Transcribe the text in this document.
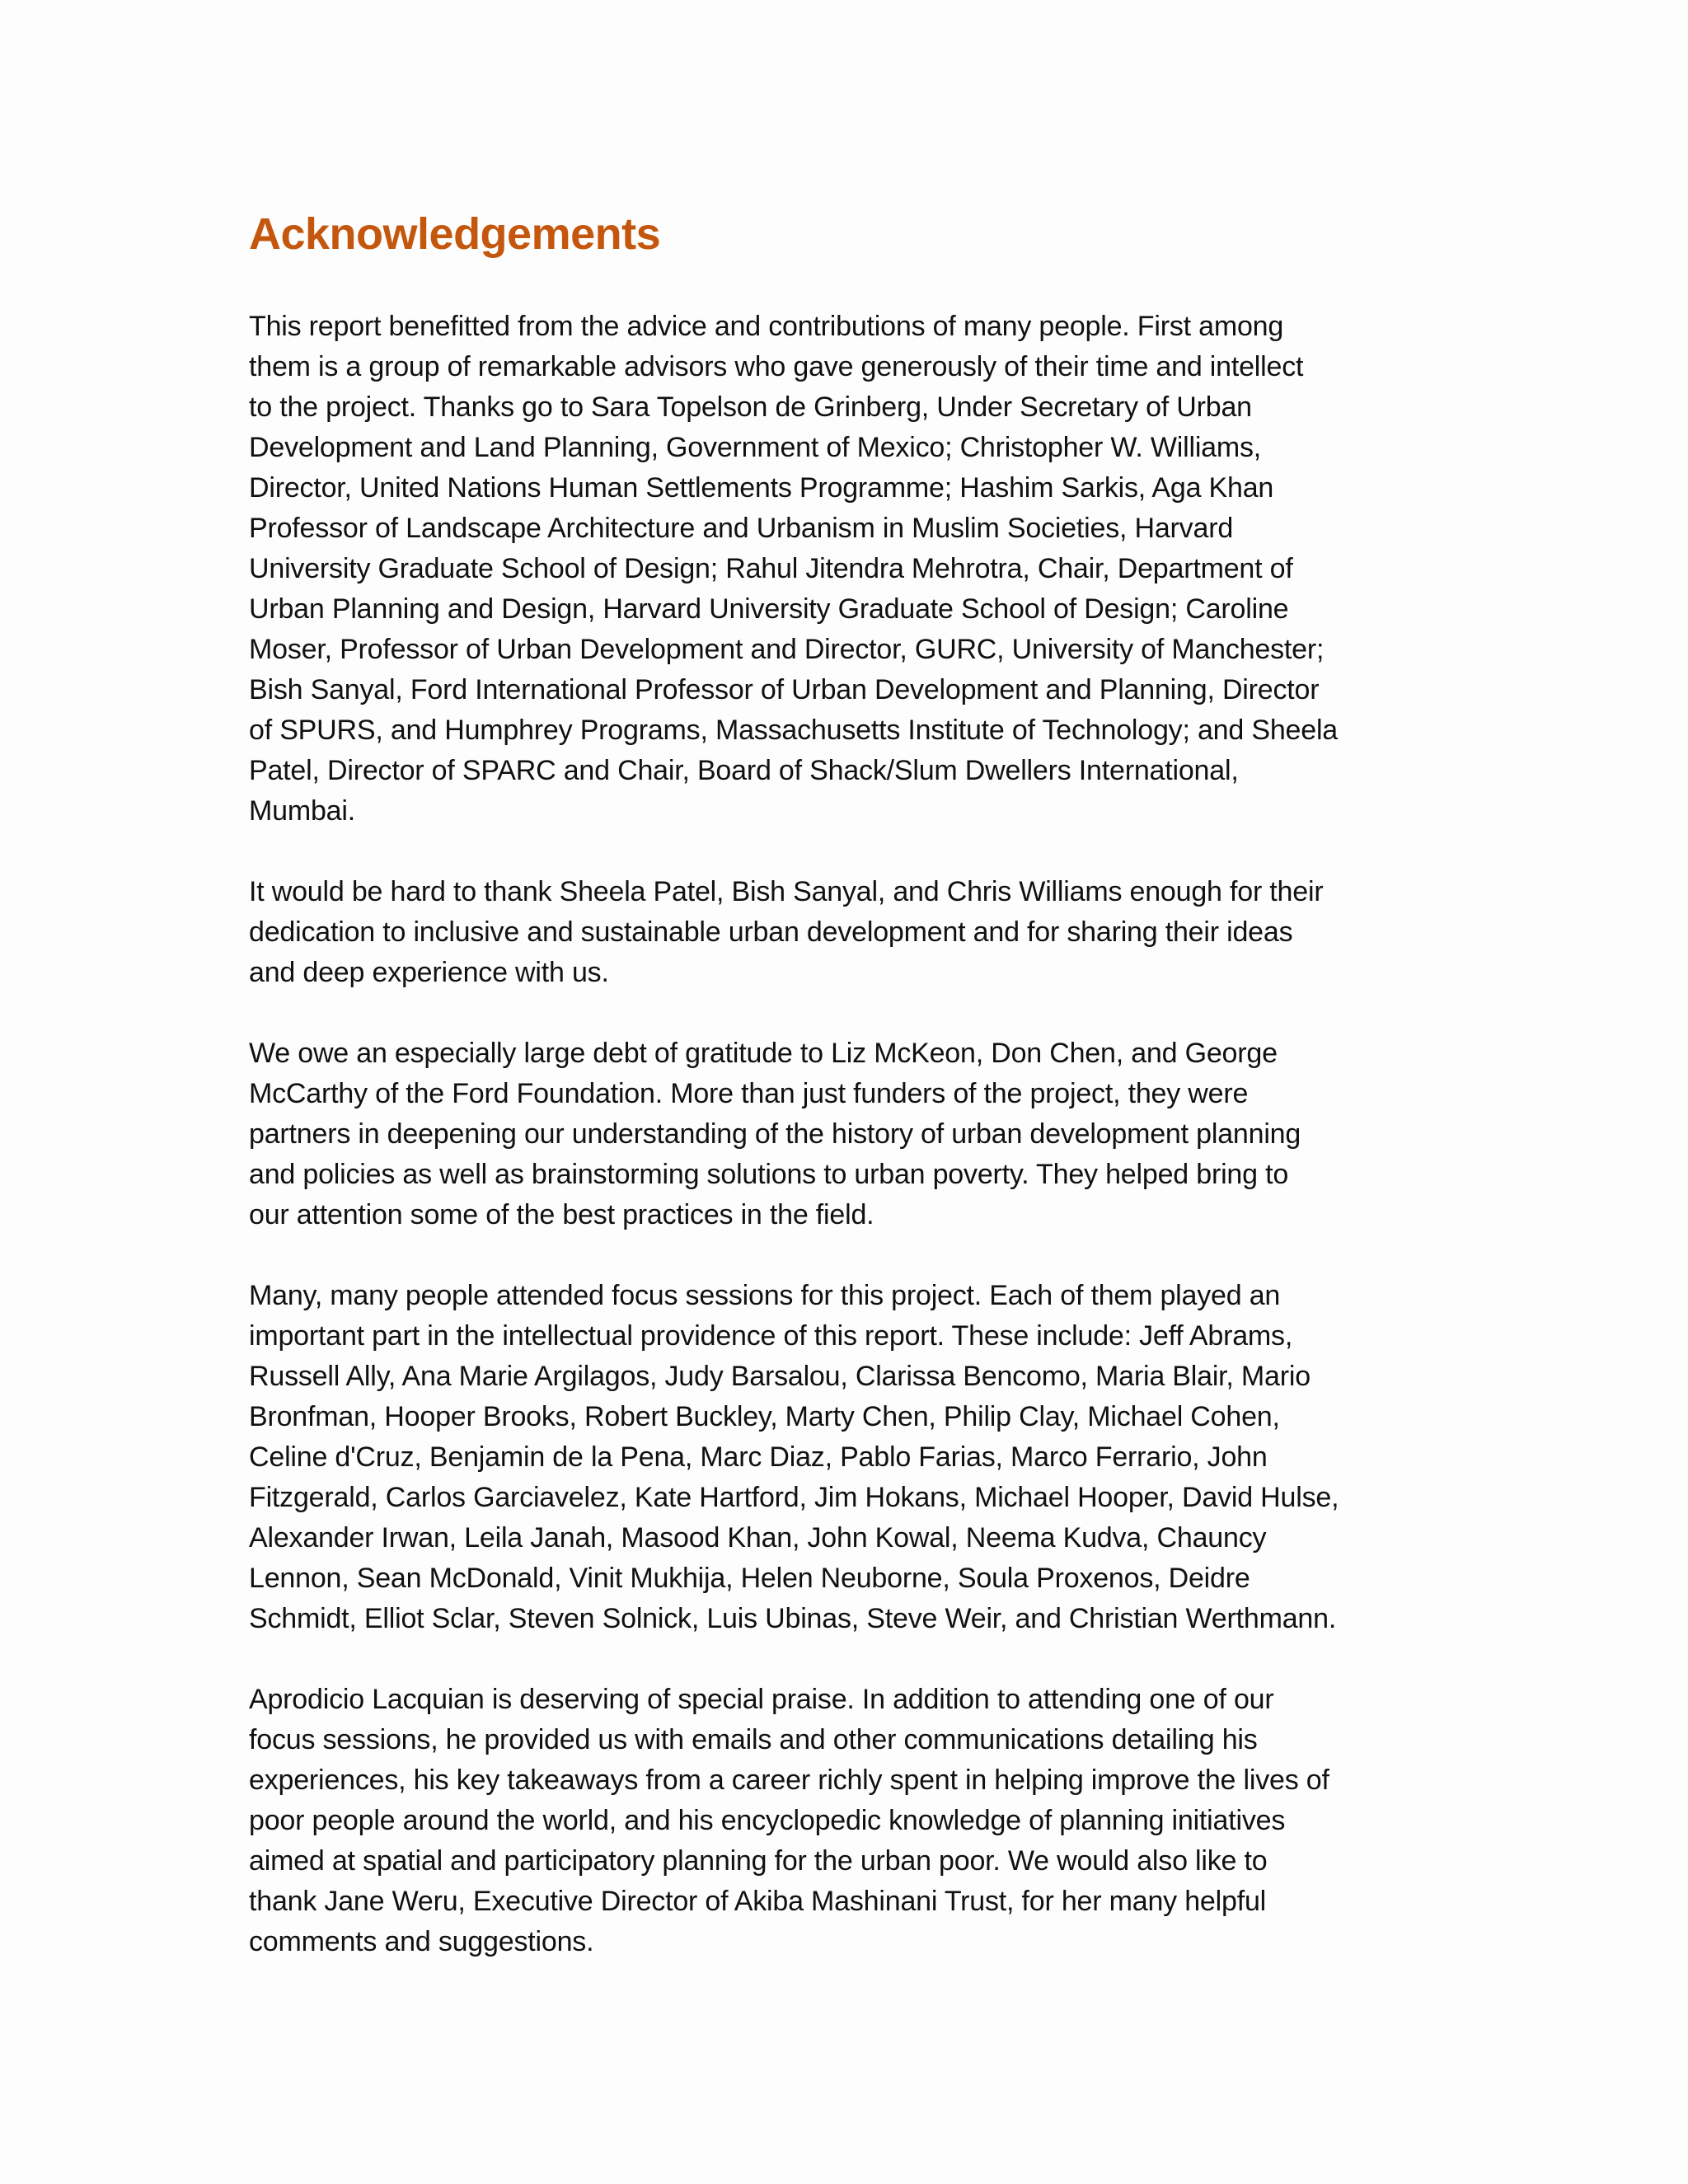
Acknowledgements

This report benefitted from the advice and contributions of many people. First among
them is a group of remarkable advisors who gave generously of their time and intellect
to the project. Thanks go to Sara Topelson de Grinberg, Under Secretary of Urban
Development and Land Planning, Government of Mexico; Christopher W. Williams,
Director, United Nations Human Settlements Programme; Hashim Sarkis, Aga Khan
Professor of Landscape Architecture and Urbanism in Muslim Societies, Harvard
University Graduate School of Design; Rahul Jitendra Mehrotra, Chair, Department of
Urban Planning and Design, Harvard University Graduate School of Design; Caroline
Moser, Professor of Urban Development and Director, GURC, University of Manchester;
Bish Sanyal, Ford International Professor of Urban Development and Planning, Director
of SPURS, and Humphrey Programs, Massachusetts Institute of Technology; and Sheela
Patel, Director of SPARC and Chair, Board of Shack/Slum Dwellers International,
Mumbai.

It would be hard to thank Sheela Patel, Bish Sanyal, and Chris Williams enough for their
dedication to inclusive and sustainable urban development and for sharing their ideas
and deep experience with us.

We owe an especially large debt of gratitude to Liz McKeon, Don Chen, and George
McCarthy of the Ford Foundation. More than just funders of the project, they were
partners in deepening our understanding of the history of urban development planning
and policies as well as brainstorming solutions to urban poverty. They helped bring to
our attention some of the best practices in the field.

Many, many people attended focus sessions for this project. Each of them played an
important part in the intellectual providence of this report. These include: Jeff Abrams,
Russell Ally, Ana Marie Argilagos, Judy Barsalou, Clarissa Bencomo, Maria Blair, Mario
Bronfman, Hooper Brooks, Robert Buckley, Marty Chen, Philip Clay, Michael Cohen,
Celine d'Cruz, Benjamin de la Pena, Marc Diaz, Pablo Farias, Marco Ferrario, John
Fitzgerald, Carlos Garciavelez, Kate Hartford, Jim Hokans, Michael Hooper, David Hulse,
Alexander Irwan, Leila Janah, Masood Khan, John Kowal, Neema Kudva, Chauncy
Lennon, Sean McDonald, Vinit Mukhija, Helen Neuborne, Soula Proxenos, Deidre
Schmidt, Elliot Sclar, Steven Solnick, Luis Ubinas, Steve Weir, and Christian Werthmann.

Aprodicio Lacquian is deserving of special praise. In addition to attending one of our
focus sessions, he provided us with emails and other communications detailing his
experiences, his key takeaways from a career richly spent in helping improve the lives of
poor people around the world, and his encyclopedic knowledge of planning initiatives
aimed at spatial and participatory planning for the urban poor. We would also like to
thank Jane Weru, Executive Director of Akiba Mashinani Trust, for her many helpful
comments and suggestions.
